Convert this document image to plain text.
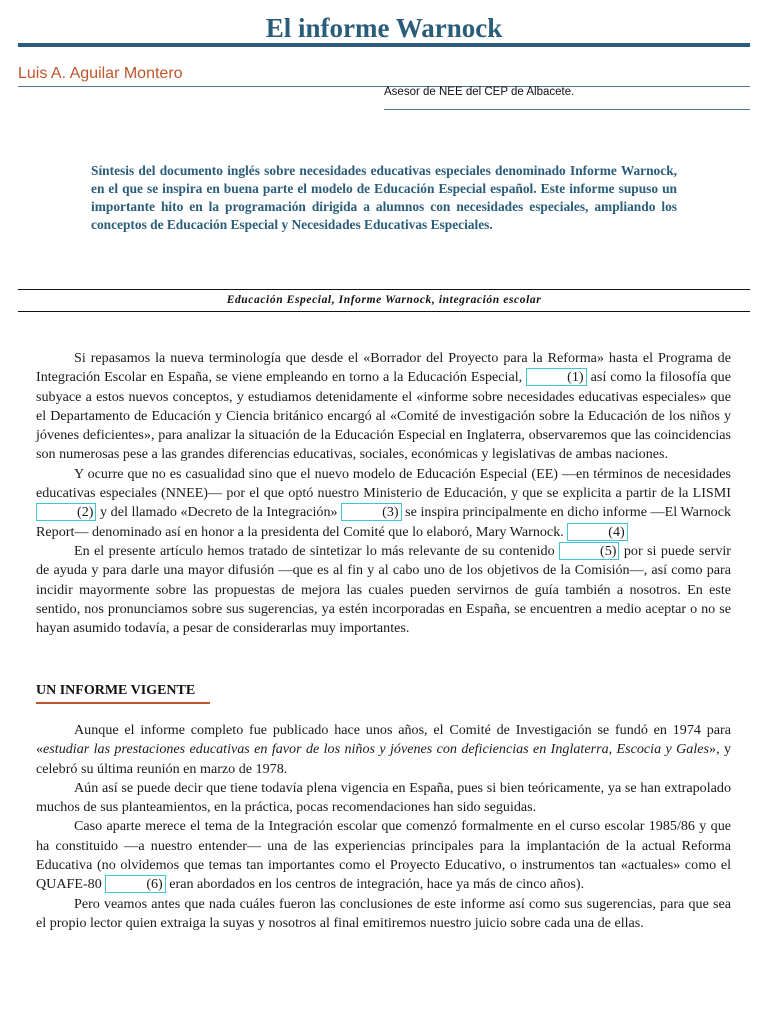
El informe Warnock
Luis A. Aguilar Montero
Asesor de NEE del CEP de Albacete.

Síntesis del documento inglés sobre necesidades educativas especiales denominado Informe Warnock, en el que se inspira en buena parte el modelo de Educación Especial español. Este informe supuso un importante hito en la programación dirigida a alumnos con necesidades especiales, ampliando los conceptos de Educación Especial y Necesidades Educativas Especiales.

Educación Especial, Informe Warnock, integración escolar

Si repasamos la nueva terminología que desde el «Borrador del Proyecto para la Reforma» hasta el Programa de Integración Escolar en España, se viene empleando en torno a la Educación Especial,	(1) así como la filosofía que subyace a estos nuevos conceptos, y estudiamos detenidamente el «informe sobre necesidades educativas especiales» que el Departamento de Educación y Ciencia británico encargó al «Comité de investigación sobre la Educación de los niños y jóvenes deficientes», para analizar la situación de la Educación Especial en Inglaterra, observaremos que las coincidencias son numerosas pese a las grandes diferencias educativas, sociales, económicas y legislativas de ambas naciones.

Y ocurre que no es casualidad sino que el nuevo modelo de Educación Especial (EE) —en términos de necesidades educativas especiales (NNEE)— por el que optó nuestro Ministerio de Educación, y que se explicita a partir de la LISMI (2) y del llamado «Decreto de la Integración»	(3) se inspira principalmente en dicho informe —El Warnock Report— denominado así en honor a la presidenta del Comité que lo elaboró, Mary Warnock.	(4)

En el presente artículo hemos tratado de sintetizar lo más relevante de su contenido	(5) por si puede servir de ayuda y para darle una mayor difusión —que es al fin y al cabo uno de los objetivos de la Comisión—, así como para incidir mayormente sobre las propuestas de mejora las cuales pueden servirnos de guía también a nosotros. En este sentido, nos pronunciamos sobre sus sugerencias, ya estén incorporadas en España, se encuentren a medio aceptar o no se hayan asumido todavía, a pesar de considerarlas muy importantes.

UN INFORME VIGENTE

Aunque el informe completo fue publicado hace unos años, el Comité de Investigación se fundó en 1974 para «estudiar las prestaciones educativas en favor de los niños y jóvenes con deficiencias en Inglaterra, Escocia y Gales», y celebró su última reunión en marzo de 1978.

Aún así se puede decir que tiene todavía plena vigencia en España, pues si bien teóricamente, ya se han extrapolado muchos de sus planteamientos, en la práctica, pocas recomendaciones han sido seguidas.

Caso aparte merece el tema de la Integración escolar que comenzó formalmente en el curso escolar 1985/86 y que ha constituido —a nuestro entender— una de las experiencias principales para la implantación de la actual Reforma Educativa (no olvidemos que temas tan importantes como el Proyecto Educativo, o instrumentos tan «actuales» como el QUAFE-80	(6) eran abordados en los centros de integración, hace ya más de cinco años).

Pero veamos antes que nada cuáles fueron las conclusiones de este informe así como sus sugerencias, para que sea el propio lector quien extraiga la suyas y nosotros al final emitiremos nuestro juicio sobre cada una de ellas.
